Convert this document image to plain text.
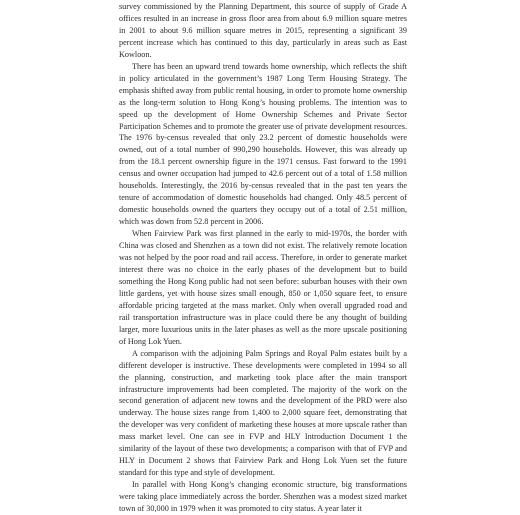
survey commissioned by the Planning Department, this source of supply of Grade A offices resulted in an increase in gross floor area from about 6.9 million square metres in 2001 to about 9.6 million square metres in 2015, representing a significant 39 percent increase which has continued to this day, particularly in areas such as East Kowloon.

There has been an upward trend towards home ownership, which reflects the shift in policy articulated in the government’s 1987 Long Term Housing Strategy. The emphasis shifted away from public rental housing, in order to promote home ownership as the long-term solution to Hong Kong’s housing problems. The intention was to speed up the development of Home Ownership Schemes and Private Sector Participation Schemes and to promote the greater use of private development resources. The 1976 by-census revealed that only 23.2 percent of domestic households were owned, out of a total number of 990,290 households. However, this was already up from the 18.1 percent ownership figure in the 1971 census. Fast forward to the 1991 census and owner occupation had jumped to 42.6 percent out of a total of 1.58 million households. Interestingly, the 2016 by-census revealed that in the past ten years the tenure of accommodation of domestic households had changed. Only 48.5 percent of domestic households owned the quarters they occupy out of a total of 2.51 million, which was down from 52.8 percent in 2006.

When Fairview Park was first planned in the early to mid-1970s, the border with China was closed and Shenzhen as a town did not exist. The relatively remote location was not helped by the poor road and rail access. Therefore, in order to generate market interest there was no choice in the early phases of the development but to build something the Hong Kong public had not seen before: suburban houses with their own little gardens, yet with house sizes small enough, 850 or 1,050 square feet, to ensure affordable pricing targeted at the mass market. Only when overall upgraded road and rail transportation infrastructure was in place could there be any thought of building larger, more luxurious units in the later phases as well as the more upscale positioning of Hong Lok Yuen.

A comparison with the adjoining Palm Springs and Royal Palm estates built by a different developer is instructive. These developments were completed in 1994 so all the planning, construction, and marketing took place after the main transport infrastructure improvements had been completed. The majority of the work on the second generation of adjacent new towns and the development of the PRD were also underway. The house sizes range from 1,400 to 2,000 square feet, demonstrating that the developer was very confident of marketing these houses at more upscale rather than mass market level. One can see in FVP and HLY Introduction Document 1 the similarity of the layout of these two developments; a comparison with that of FVP and HLY in Document 2 shows that Fairview Park and Hong Lok Yuen set the future standard for this type and style of development.

In parallel with Hong Kong’s changing economic structure, big transformations were taking place immediately across the border. Shenzhen was a modest sized market town of 30,000 in 1979 when it was promoted to city status. A year later it
